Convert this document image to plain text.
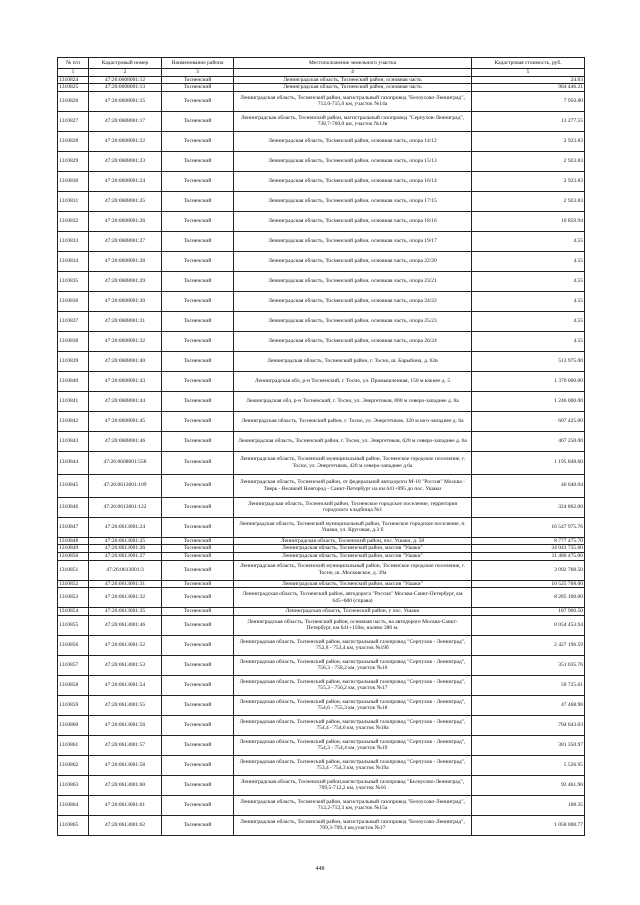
№ п/п	Кадастровый номер	Наименование района	Местоположение земельного участка	Кадастровая стоимость, руб.
1	2	3	4	5
1310824	47:26:0608001:12	Тосненский	Ленинградская область, Тосненский район, основная часть	24.03
1310825	47:26:0608001:13	Тосненский	Ленинградская область, Тосненский район, основная часть	964 446.21
1310826	47:26:0608001:15	Тосненский	Ленинградская область, Тосненский район, магистральный газопровод "Белоусово-Ленинград", 712,0-715,0 км, участок №14а	7 950.80
1310827	47:26:0608001:17	Тосненский	Ленинградская область, Тосненский район, магистральный газопровод "Серпухов-Ленинград", 738,7-760,0 км, участок №14в	13 277.55
1310828	47:26:0608001:22	Тосненский	Ленинградская область, Тосненский район, основная часть, опора 14/12	2 923.83
1310829	47:26:0608001:23	Тосненский	Ленинградская область, Тосненский район, основная часть, опора 15/13	2 923.83
1310830	47:26:0608001:24	Тосненский	Ленинградская область, Тосненский район, основная часть, опора 16/14	2 923.83
1310831	47:26:0608001:25	Тосненский	Ленинградская область, Тосненский район, основная часть, опора 17/15	2 923.83
1310832	47:26:0608001:26	Тосненский	Ленинградская область, Тосненский район, основная часть, опора 18/16	10 859.94
1310833	47:26:0608001:27	Тосненский	Ленинградская область, Тосненский район, основная часть, опора 19/17	4.55
1310834	47:26:0608001:28	Тосненский	Ленинградская область, Тосненский район, основная часть, опора 22/20	4.55
1310835	47:26:0608001:29	Тосненский	Ленинградская область, Тосненский район, основная часть, опора 23/21	4.55
1310836	47:26:0608001:30	Тосненский	Ленинградская область, Тосненский район, основная часть, опора 24/22	4.55
1310837	47:26:0608001:31	Тосненский	Ленинградская область, Тосненский район, основная часть, опора 25/23	4.55
1310838	47:26:0608001:32	Тосненский	Ленинградская область, Тосненский район, основная часть, опора 26/24	4.55
1310839	47:26:0608001:40	Тосненский	Ленинградская область, Тосненский район, г. Тосно, ш. Барыбина, д. 62в	513 975.00
1310840	47:26:0608001:43	Тосненский	Ленинградская обл, р-н Тосненский, г. Тосно, ул. Промышленная, 150 м южнее д. 5	1 370 600.00
1310841	47:26:0608001:44	Тосненский	Ленинградская обл, р-н Тосненский, г. Тосно, ул. Энергетиков, 800 м северо-западнее д. 6а	1 246 000.00
1310842	47:26:0608001:45	Тосненский	Ленинградская область, Тосненский район, г. Тосно, ул. Энергетиков, 320 м юго-западнее д. 6а	607 425.00
1310843	47:26:0608001:46	Тосненский	Ленинградская область, Тосненский район, г. Тосно, ул. Энергетиков, 620 м северо-западнее д. 6а	467 250.00
1310844	47:26:0608001:558	Тосненский	Ленинградская область, Тосненский муниципальный район, Тосненское городское поселение, г. Тосно, ул. Энергетиков, 420 м северо-западнее д.6а	1 195 848.60
1310845	47:26:0613001:109	Тосненский	Ленинградская область, Тосненский район, от федеральной автодороги М-10 "Россия" Москва - Тверь - Великий Новгород - Санкт-Петербург на км 641+895 до пос. Ушаки	46 640.04
1310846	47:26:0613001:122	Тосненский	Ленинградская область, Тосненский район, Тосненское городское поселение, территория городского кладбища №1	324 862.00
1310847	47:26:0613001:24	Тосненский	Ленинградская область, Тосненский муниципальный район, Тосненское городское поселение, п. Ушаки, ул. Круговая, д.3 б	16 547 975.76
1310848	47:26:0613001:25	Тосненский	Ленинградская область, Тосненский район, пос. Ушаки, д. 58	8 777 475.70
1310849	47:26:0613001:26	Тосненский	Ленинградская область, Тосненский район, массив "Ушаки"	34 041 735.60
1310850	47:26:0613001:27	Тосненский	Ленинградская область, Тосненский район, массив "Ушаки"	11 486 475.00
1310851	47:26:0613001:3	Тосненский	Ленинградская область, Тосненский муниципальный район, Тосненское городское поселение, г. Тосно, ш. Московское, д. 39а	3 092 768.50
1310852	47:26:0613001:31	Тосненский	Ленинградская область, Тосненский район, массив "Ушаки"	10 525 768.00
1310853	47:26:0613001:32	Тосненский	Ленинградская область, Тосненский район, автодорога "Россия" Москва-Санкт-Петербург, км 645+600 (справа)	8 285 100.00
1310854	47:26:0613001:35	Тосненский	Ленинградская область, Тосненский район, у пос. Ушаки	187 960.50
1310855	47:26:0613001:46	Тосненский	Ленинградская область, Тосненский район, основная часть, на автодороге Москва-Санкт-Петербург, км 641+150м, налево 380 м.	8 054 453.94
1310856	47:26:0613001:52	Тосненский	Ленинградская область, Тосненский район, магистральный газопровод "Серпухов - Ленинград", 752,8 - 753,4 км, участок №19б	2 427 196.59
1310857	47:26:0613001:53	Тосненский	Ленинградская область, Тосненский район, магистральный газопровод "Серпухов - Ленинград", 756,3 - 758,2 км, участок №16	351 035.76
1310858	47:26:0613001:54	Тосненский	Ленинградская область, Тосненский район, магистральный газопровод "Серпухов - Ленинград", 755,3 - 756,2 км, участок №17	50 725.61
1310859	47:26:0613001:55	Тосненский	Ленинградская область, Тосненский район, магистральный газопровод "Серпухов - Ленинград", 754,6 - 755,3 км, участок №18	47 468.98
1310860	47:26:0613001:56	Тосненский	Ленинградская область, Тосненский район, магистральный газопровод "Серпухов - Ленинград", 754,4 - 754,6 км, участок №18а	704 643.03
1310861	47:26:0613001:57	Тосненский	Ленинградская область, Тосненский район, магистральный газопровод "Серпухов - Ленинград", 754,3 - 754,4 км, участок №19	381 350.97
1310862	47:26:0613001:58	Тосненский	Ленинградская область, Тосненский район, магистральный газопровод "Серпухов - Ленинград", 753,4 - 754,3 км, участок №19а	5 526.95
1310863	47:26:0613001:60	Тосненский	Ленинградская область, Тосненский район,магистральный газопровод "Белоусово-Ленинград", 709,5-712,2 км, участок №16	92 461.90
1310864	47:26:0613001:61	Тосненский	Ленинградская область, Тосненский район, магистральный газопровод "Белоусово-Ленинград", 712,2-712,3 км, участок №15а	168.35
1310865	47:26:0613001:62	Тосненский	Ленинградская область, Тосненский район, магистральный газопровод "Белоусово-Ленинград", 709,3-709,4 км,участок №17	1 058 008.77
448
